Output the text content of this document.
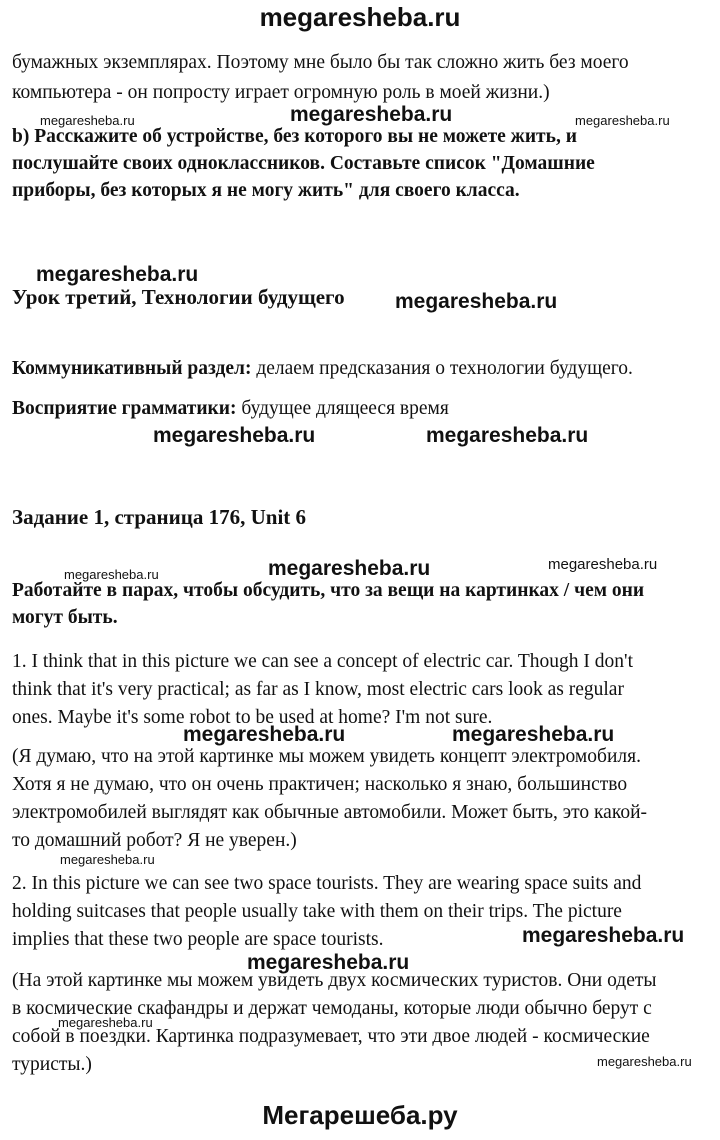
megaresheba.ru
бумажных экземплярах. Поэтому мне было бы так сложно жить без моего
компьютера - он попросту играет огромную роль в моей жизни.)
b) Расскажите об устройстве, без которого вы не можете жить, и
послушайте своих одноклассников. Составьте список "Домашние
приборы, без которых я не могу жить" для своего класса.
Урок третий, Технологии будущего
Коммуникативный раздел: делаем предсказания о технологии будущего.
Восприятие грамматики: будущее длящееся время
Задание 1, страница 176, Unit 6
Работайте в парах, чтобы обсудить, что за вещи на картинках / чем они
могут быть.
1. I think that in this picture we can see a concept of electric car. Though I don't
think that it's very practical; as far as I know, most electric cars look as regular
ones. Maybe it's some robot to be used at home? I'm not sure.
(Я думаю, что на этой картинке мы можем увидеть концепт электромобиля.
Хотя я не думаю, что он очень практичен; насколько я знаю, большинство
электромобилей выглядят как обычные автомобили. Может быть, это какой-
то домашний робот? Я не уверен.)
2. In this picture we can see two space tourists. They are wearing space suits and
holding suitcases that people usually take with them on their trips. The picture
implies that these two people are space tourists.
(На этой картинке мы можем увидеть двух космических туристов. Они одеты
в космические скафандры и держат чемоданы, которые люди обычно берут с
собой в поездки. Картинка подразумевает, что эти двое людей - космические
туристы.)
megaresheba.ru
megaresheba.ru	megaresheba.ru
megaresheba.ru
megaresheba.ru
megaresheba.ru	megaresheba.ru
megaresheba.ru	megaresheba.ru
megaresheba.ru
megaresheba.ru	megaresheba.ru
megaresheba.ru
megaresheba.ru
megaresheba.ru
megaresheba.ru
megaresheba.ru
Мегарешеба.ру
